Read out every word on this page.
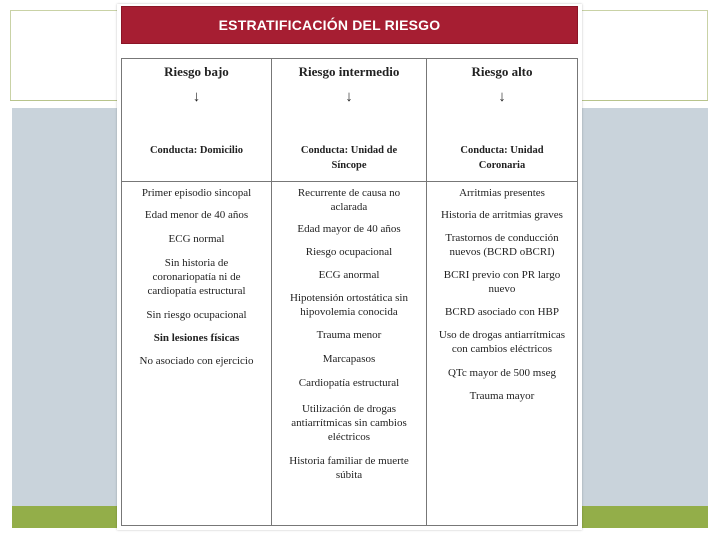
ESTRATIFICACIÓN DEL RIESGO
Riesgo bajo
↓
Conducta: Domicilio
Primer episodio sincopal
Edad menor de 40 años
ECG normal
Sin historia de coronariopatía ni de cardiopatía estructural
Sin riesgo ocupacional
Sin lesiones físicas
No asociado con ejercicio
Riesgo intermedio
↓
Conducta: Unidad de Síncope
Recurrente de causa no aclarada
Edad mayor de 40 años
Riesgo ocupacional
ECG anormal
Hipotensión ortostática sin hipovolemia conocida
Trauma menor
Marcapasos
Cardiopatía estructural
Utilización de drogas antiarrítmicas sin cambios eléctricos
Historia familiar de muerte súbita
Riesgo alto
↓
Conducta: Unidad Coronaria
Arritmias presentes
Historia de arritmias graves
Trastornos de conducción nuevos (BCRD oBCRI)
BCRI previo con PR largo nuevo
BCRD asociado con HBP
Uso de drogas antiarrítmicas con cambios eléctricos
QTc mayor de 500 mseg
Trauma mayor
